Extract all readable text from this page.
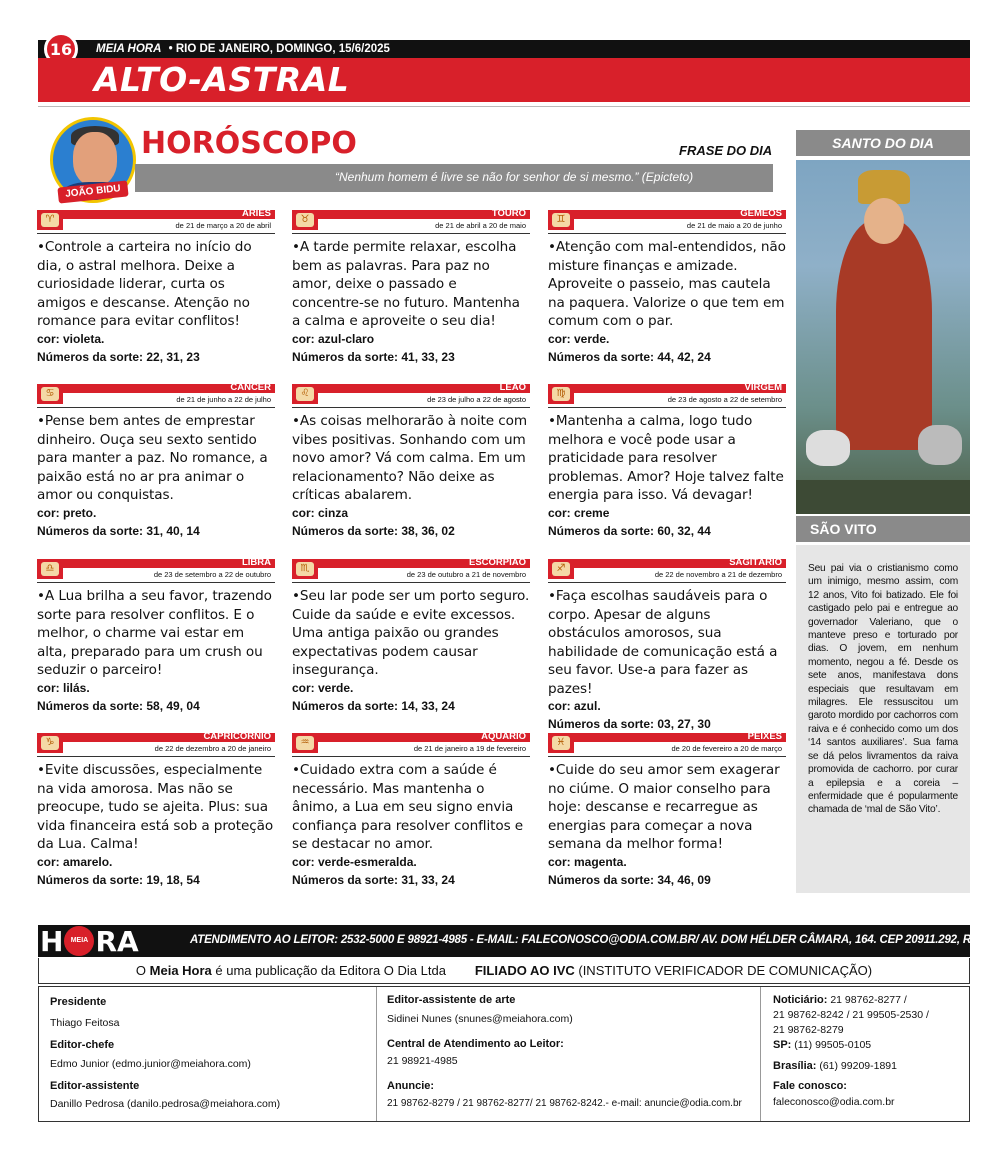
16	MEIA HORA • RIO DE JANEIRO, DOMINGO, 15/6/2025
ALTO-ASTRAL
JOÃO BIDU
HORÓSCOPO	FRASE DO DIA
“Nenhum homem é livre se não for senhor de si mesmo.” (Epicteto)
♈
ÁRIES
de 21 de março a 20 de abril
•Controle a carteira no início do dia, o astral melhora. Deixe a curiosidade liderar, curta os amigos e descanse. Atenção no romance para evitar conflitos!
cor: violeta.
Números da sorte: 22, 31, 23
♉
TOURO
de 21 de abril a 20 de maio
•A tarde permite relaxar, escolha bem as palavras. Para paz no amor, deixe o passado e concentre-se no futuro. Mantenha a calma e aproveite o seu dia!
cor: azul-claro
Números da sorte: 41, 33, 23
♊
GÊMEOS
de 21 de maio a 20 de junho
•Atenção com mal-entendidos, não misture finanças e amizade. Aproveite o passeio, mas cautela na paquera. Valorize o que tem em comum com o par.
cor: verde.
Números da sorte: 44, 42, 24
♋
CÂNCER
de 21 de junho a 22 de julho
•Pense bem antes de emprestar dinheiro. Ouça seu sexto sentido para manter a paz. No romance, a paixão está no ar pra animar o amor ou conquistas.
cor: preto.
Números da sorte: 31, 40, 14
♌
LEÃO
de 23 de julho a 22 de agosto
•As coisas melhorarão à noite com vibes positivas. Sonhando com um novo amor? Vá com calma. Em um relacionamento? Não deixe as críticas abalarem.
cor: cinza
Números da sorte: 38, 36, 02
♍
VIRGEM
de 23 de agosto a 22 de setembro
•Mantenha a calma, logo tudo melhora e você pode usar a praticidade para resolver problemas. Amor? Hoje talvez falte energia para isso. Vá devagar!
cor: creme
Números da sorte: 60, 32, 44
♎
LIBRA
de 23 de setembro a 22 de outubro
•A Lua brilha a seu favor, trazendo sorte para resolver conflitos. E o melhor, o charme vai estar em alta, preparado para um crush ou seduzir o parceiro!
cor: lilás.
Números da sorte: 58, 49, 04
♏
ESCORPIÃO
de 23 de outubro a 21 de novembro
•Seu lar pode ser um porto seguro. Cuide da saúde e evite excessos. Uma antiga paixão ou grandes expectativas podem causar insegurança.
cor: verde.
Números da sorte: 14, 33, 24
♐
SAGITÁRIO
de 22 de novembro a 21 de dezembro
•Faça escolhas saudáveis para o corpo. Apesar de alguns obstáculos amorosos, sua habilidade de comunicação está a seu favor. Use-a para fazer as pazes!
cor: azul.
Números da sorte: 03, 27, 30
♑
CAPRICÓRNIO
de 22 de dezembro a 20 de janeiro
•Evite discussões, especialmente na vida amorosa. Mas não se preocupe, tudo se ajeita. Plus: sua vida financeira está sob a proteção da Lua. Calma!
cor: amarelo.
Números da sorte: 19, 18, 54
♒
AQUÁRIO
de 21 de janeiro a 19 de fevereiro
•Cuidado extra com a saúde é necessário. Mas mantenha o ânimo, a Lua em seu signo envia confiança para resolver conflitos e se destacar no amor.
cor: verde-esmeralda.
Números da sorte: 31, 33, 24
♓
PEIXES
de 20 de fevereiro a 20 de março
•Cuide do seu amor sem exagerar no ciúme. O maior conselho para hoje: descanse e recarregue as energias para começar a nova semana da melhor forma!
cor: magenta.
Números da sorte: 34, 46, 09
SANTO DO DIA
SÃO VITO
Seu pai via o cristianismo como um inimigo, mesmo assim, com 12 anos, Vito foi batizado. Ele foi castigado pelo pai e entregue ao governador Valeriano, que o manteve preso e torturado por dias. O jovem, em nenhum momento, negou a fé. Desde os sete anos, manifestava dons especiais que resultavam em milagres. Ele ressuscitou um garoto mordido por cachorros com raiva e é conhecido como um dos ‘14 santos auxiliares’. Sua fama se dá pelos livramentos da raiva promovida de cachorro. por curar a epilepsia e a coreia – enfermidade que é popularmente chamada de ‘mal de São Vito’.
H	MEIA RA	ATENDIMENTO AO LEITOR: 2532-5000 E 98921-4985 - E-MAIL: FALECONOSCO@ODIA.COM.BR/ AV. DOM HÉLDER CÂMARA, 164. CEP 20911.292, RJ
O Meia Hora é uma publicação da Editora O Dia Ltda FILIADO AO IVC (INSTITUTO VERIFICADOR DE COMUNICAÇÃO)
Presidente
Thiago Feitosa
Editor-chefe
Edmo Junior (edmo.junior@meiahora.com)
Editor-assistente
Danillo Pedrosa (danilo.pedrosa@meiahora.com)
Editor-assistente de arte
Sidinei Nunes (snunes@meiahora.com)
Central de Atendimento ao Leitor:
21 98921-4985
Anuncie:
21 98762-8279 / 21 98762-8277/ 21 98762-8242.- e-mail: anuncie@odia.com.br
Noticiário: 21 98762-8277 /
21 98762-8242 / 21 99505-2530 /
21 98762-8279
SP: (11) 99505-0105
Brasília: (61) 99209-1891
Fale conosco:
faleconosco@odia.com.br
